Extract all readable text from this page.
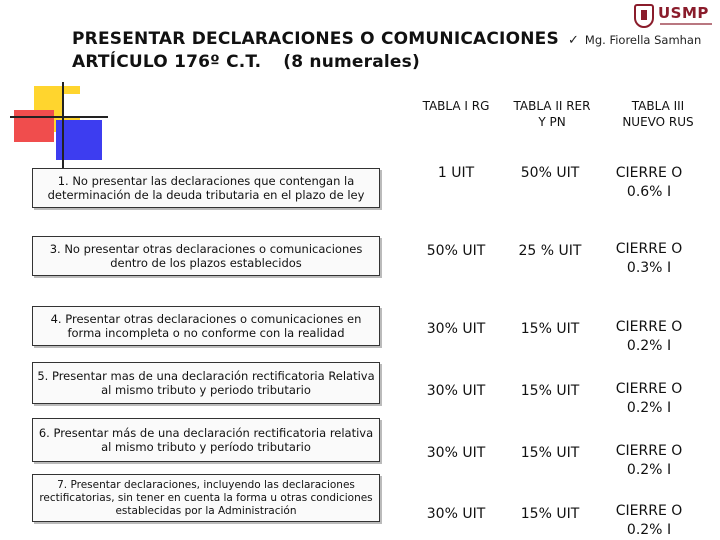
USMP
PRESENTAR DECLARACIONES O COMUNICACIONES
ARTÍCULO 176º C.T. (8 numerales)
✓ Mg. Fiorella Samhan
TABLA I RG TABLA II RER Y PN
TABLA III NUEVO RUS
1. No presentar las declaraciones que contengan la determinación de la deuda tributaria en el plazo de ley
3. No presentar otras declaraciones o comunicaciones dentro de los plazos establecidos
4. Presentar otras declaraciones o comunicaciones en forma incompleta o no conforme con la realidad
5. Presentar mas de una declaración rectificatoria Relativa al mismo tributo y periodo tributario
6. Presentar más de una declaración rectificatoria relativa al mismo tributo y período tributario
7. Presentar declaraciones, incluyendo las declaraciones rectificatorias, sin tener en cuenta la forma u otras condiciones establecidas por la Administración
1 UIT
50% UIT
30% UIT
30% UIT
30% UIT
30% UIT
50% UIT
25 % UIT
15% UIT
15% UIT
15% UIT
15% UIT
CIERRE O 0.6% I
CIERRE O 0.3% I
CIERRE O 0.2% I
CIERRE O 0.2% I
CIERRE O 0.2% I
CIERRE O 0.2% I
